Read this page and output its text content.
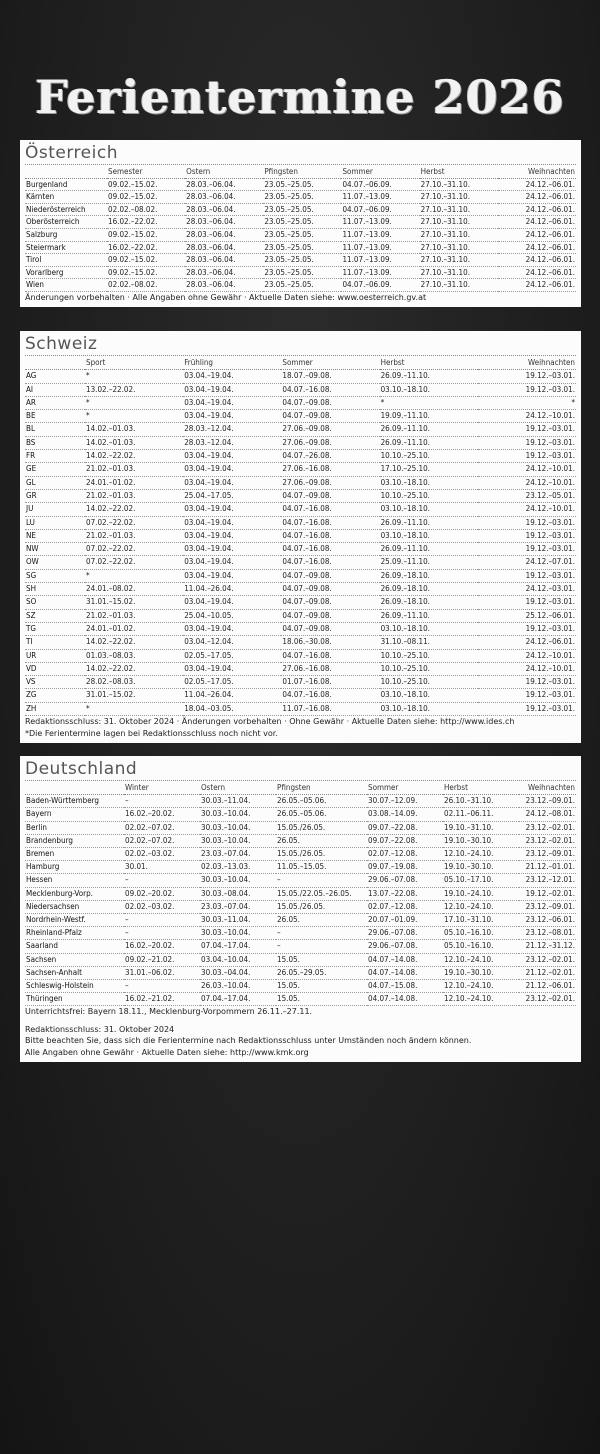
Ferientermine 2026
Österreich
	Semester	Ostern	Pfingsten	Sommer	Herbst	Weihnachten
Burgenland	09.02.–15.02.	28.03.–06.04.	23.05.–25.05.	04.07.–06.09.	27.10.–31.10.	24.12.–06.01.
Kärnten	09.02.–15.02.	28.03.–06.04.	23.05.–25.05.	11.07.–13.09.	27.10.–31.10.	24.12.–06.01.
Niederösterreich	02.02.–08.02.	28.03.–06.04.	23.05.–25.05.	04.07.–06.09.	27.10.–31.10.	24.12.–06.01.
Oberösterreich	16.02.–22.02.	28.03.–06.04.	23.05.–25.05.	11.07.–13.09.	27.10.–31.10.	24.12.–06.01.
Salzburg	09.02.–15.02.	28.03.–06.04.	23.05.–25.05.	11.07.–13.09.	27.10.–31.10.	24.12.–06.01.
Steiermark	16.02.–22.02.	28.03.–06.04.	23.05.–25.05.	11.07.–13.09.	27.10.–31.10.	24.12.–06.01.
Tirol	09.02.–15.02.	28.03.–06.04.	23.05.–25.05.	11.07.–13.09.	27.10.–31.10.	24.12.–06.01.
Vorarlberg	09.02.–15.02.	28.03.–06.04.	23.05.–25.05.	11.07.–13.09.	27.10.–31.10.	24.12.–06.01.
Wien	02.02.–08.02.	28.03.–06.04.	23.05.–25.05.	04.07.–06.09.	27.10.–31.10.	24.12.–06.01.
Änderungen vorbehalten · Alle Angaben ohne Gewähr · Aktuelle Daten siehe: www.oesterreich.gv.at
Schweiz
	Sport	Frühling	Sommer	Herbst	Weihnachten
AG	*	03.04.–19.04.	18.07.–09.08.	26.09.–11.10.	19.12.–03.01.
AI	13.02.–22.02.	03.04.–19.04.	04.07.–16.08.	03.10.–18.10.	19.12.–03.01.
AR	*	03.04.–19.04.	04.07.–09.08.	*	*
BE	*	03.04.–19.04.	04.07.–09.08.	19.09.–11.10.	24.12.–10.01.
BL	14.02.–01.03.	28.03.–12.04.	27.06.–09.08.	26.09.–11.10.	19.12.–03.01.
BS	14.02.–01.03.	28.03.–12.04.	27.06.–09.08.	26.09.–11.10.	19.12.–03.01.
FR	14.02.–22.02.	03.04.–19.04.	04.07.–26.08.	10.10.–25.10.	19.12.–03.01.
GE	21.02.–01.03.	03.04.–19.04.	27.06.–16.08.	17.10.–25.10.	24.12.–10.01.
GL	24.01.–01.02.	03.04.–19.04.	27.06.–09.08.	03.10.–18.10.	24.12.–10.01.
GR	21.02.–01.03.	25.04.–17.05.	04.07.–09.08.	10.10.–25.10.	23.12.–05.01.
JU	14.02.–22.02.	03.04.–19.04.	04.07.–16.08.	03.10.–18.10.	24.12.–10.01.
LU	07.02.–22.02.	03.04.–19.04.	04.07.–16.08.	26.09.–11.10.	19.12.–03.01.
NE	21.02.–01.03.	03.04.–19.04.	04.07.–16.08.	03.10.–18.10.	19.12.–03.01.
NW	07.02.–22.02.	03.04.–19.04.	04.07.–16.08.	26.09.–11.10.	19.12.–03.01.
OW	07.02.–22.02.	03.04.–19.04.	04.07.–16.08.	25.09.–11.10.	24.12.–07.01.
SG	*	03.04.–19.04.	04.07.–09.08.	26.09.–18.10.	19.12.–03.01.
SH	24.01.–08.02.	11.04.–26.04.	04.07.–09.08.	26.09.–18.10.	24.12.–03.01.
SO	31.01.–15.02.	03.04.–19.04.	04.07.–09.08.	26.09.–18.10.	19.12.–03.01.
SZ	21.02.–01.03.	25.04.–10.05.	04.07.–09.08.	26.09.–11.10.	25.12.–06.01.
TG	24.01.–01.02.	03.04.–19.04.	04.07.–09.08.	03.10.–18.10.	19.12.–03.01.
TI	14.02.–22.02.	03.04.–12.04.	18.06.–30.08.	31.10.–08.11.	24.12.–06.01.
UR	01.03.–08.03.	02.05.–17.05.	04.07.–16.08.	10.10.–25.10.	24.12.–10.01.
VD	14.02.–22.02.	03.04.–19.04.	27.06.–16.08.	10.10.–25.10.	24.12.–10.01.
VS	28.02.–08.03.	02.05.–17.05.	01.07.–16.08.	10.10.–25.10.	19.12.–03.01.
ZG	31.01.–15.02.	11.04.–26.04.	04.07.–16.08.	03.10.–18.10.	19.12.–03.01.
ZH	*	18.04.–03.05.	11.07.–16.08.	03.10.–18.10.	19.12.–03.01.
Redaktionsschluss: 31. Oktober 2024 · Änderungen vorbehalten · Ohne Gewähr · Aktuelle Daten siehe: http://www.ides.ch
*Die Ferientermine lagen bei Redaktionsschluss noch nicht vor.
Deutschland
	Winter	Ostern	Pfingsten	Sommer	Herbst	Weihnachten
Baden-Württemberg	–	30.03.–11.04.	26.05.–05.06.	30.07.–12.09.	26.10.–31.10.	23.12.–09.01.
Bayern	16.02.–20.02.	30.03.–10.04.	26.05.–05.06.	03.08.–14.09.	02.11.–06.11.	24.12.–08.01.
Berlin	02.02.–07.02.	30.03.–10.04.	15.05./26.05.	09.07.–22.08.	19.10.–31.10.	23.12.–02.01.
Brandenburg	02.02.–07.02.	30.03.–10.04.	26.05.	09.07.–22.08.	19.10.–30.10.	23.12.–02.01.
Bremen	02.02.–03.02.	23.03.–07.04.	15.05./26.05.	02.07.–12.08.	12.10.–24.10.	23.12.–09.01.
Hamburg	30.01.	02.03.–13.03.	11.05.–15.05.	09.07.–19.08.	19.10.–30.10.	21.12.–01.01.
Hessen	–	30.03.–10.04.	–	29.06.–07.08.	05.10.–17.10.	23.12.–12.01.
Mecklenburg-Vorp.	09.02.–20.02.	30.03.–08.04.	15.05./22.05.–26.05.	13.07.–22.08.	19.10.–24.10.	19.12.–02.01.
Niedersachsen	02.02.–03.02.	23.03.–07.04.	15.05./26.05.	02.07.–12.08.	12.10.–24.10.	23.12.–09.01.
Nordrhein-Westf.	–	30.03.–11.04.	26.05.	20.07.–01.09.	17.10.–31.10.	23.12.–06.01.
Rheinland-Pfalz	–	30.03.–10.04.	–	29.06.–07.08.	05.10.–16.10.	23.12.–08.01.
Saarland	16.02.–20.02.	07.04.–17.04.	–	29.06.–07.08.	05.10.–16.10.	21.12.–31.12.
Sachsen	09.02.–21.02.	03.04.–10.04.	15.05.	04.07.–14.08.	12.10.–24.10.	23.12.–02.01.
Sachsen-Anhalt	31.01.–06.02.	30.03.–04.04.	26.05.–29.05.	04.07.–14.08.	19.10.–30.10.	21.12.–02.01.
Schleswig-Holstein	–	26.03.–10.04.	15.05.	04.07.–15.08.	12.10.–24.10.	21.12.–06.01.
Thüringen	16.02.–21.02.	07.04.–17.04.	15.05.	04.07.–14.08.	12.10.–24.10.	23.12.–02.01.
Unterrichtsfrei: Bayern 18.11., Mecklenburg-Vorpommern 26.11.–27.11.
Redaktionsschluss: 31. Oktober 2024
Bitte beachten Sie, dass sich die Ferientermine nach Redaktionsschluss unter Umständen noch ändern können.
Alle Angaben ohne Gewähr · Aktuelle Daten siehe: http://www.kmk.org
